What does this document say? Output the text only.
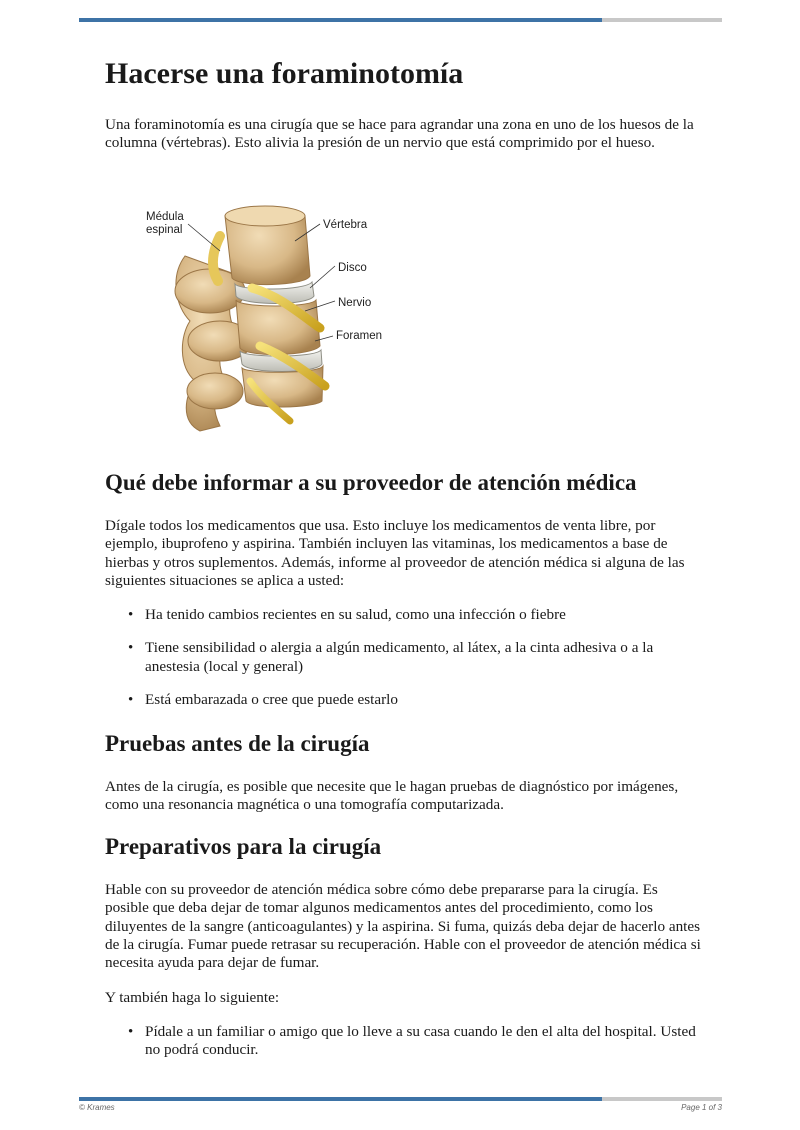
Hacerse una foraminotomía

Una foraminotomía es una cirugía que se hace para agrandar una zona en uno de los huesos de la columna (vértebras). Esto alivia la presión de un nervio que está comprimido por el hueso.

Qué debe informar a su proveedor de atención médica

Dígale todos los medicamentos que usa. Esto incluye los medicamentos de venta libre, por ejemplo, ibuprofeno y aspirina. También incluyen las vitaminas, los medicamentos a base de hierbas y otros suplementos. Además, informe al proveedor de atención médica si alguna de las siguientes situaciones se aplica a usted:

• Ha tenido cambios recientes en su salud, como una infección o fiebre
• Tiene sensibilidad o alergia a algún medicamento, al látex, a la cinta adhesiva o a la anestesia (local y general)
• Está embarazada o cree que puede estarlo
Pruebas antes de la cirugía

Antes de la cirugía, es posible que necesite que le hagan pruebas de diagnóstico por imágenes, como una resonancia magnética o una tomografía computarizada.

Preparativos para la cirugía

Hable con su proveedor de atención médica sobre cómo debe prepararse para la cirugía. Es posible que deba dejar de tomar algunos medicamentos antes del procedimiento, como los diluyentes de la sangre (anticoagulantes) y la aspirina. Si fuma, quizás deba dejar de hacerlo antes de la cirugía. Fumar puede retrasar su recuperación. Hable con el proveedor de atención médica si necesita ayuda para dejar de fumar.

Y también haga lo siguiente:

• Pídale a un familiar o amigo que lo lleve a su casa cuando le den el alta del hospital. Usted no podrá conducir.
Médula
espinal	Vértebra
Disco
Nervio
Foramen
© Krames	Page 1 of 3
